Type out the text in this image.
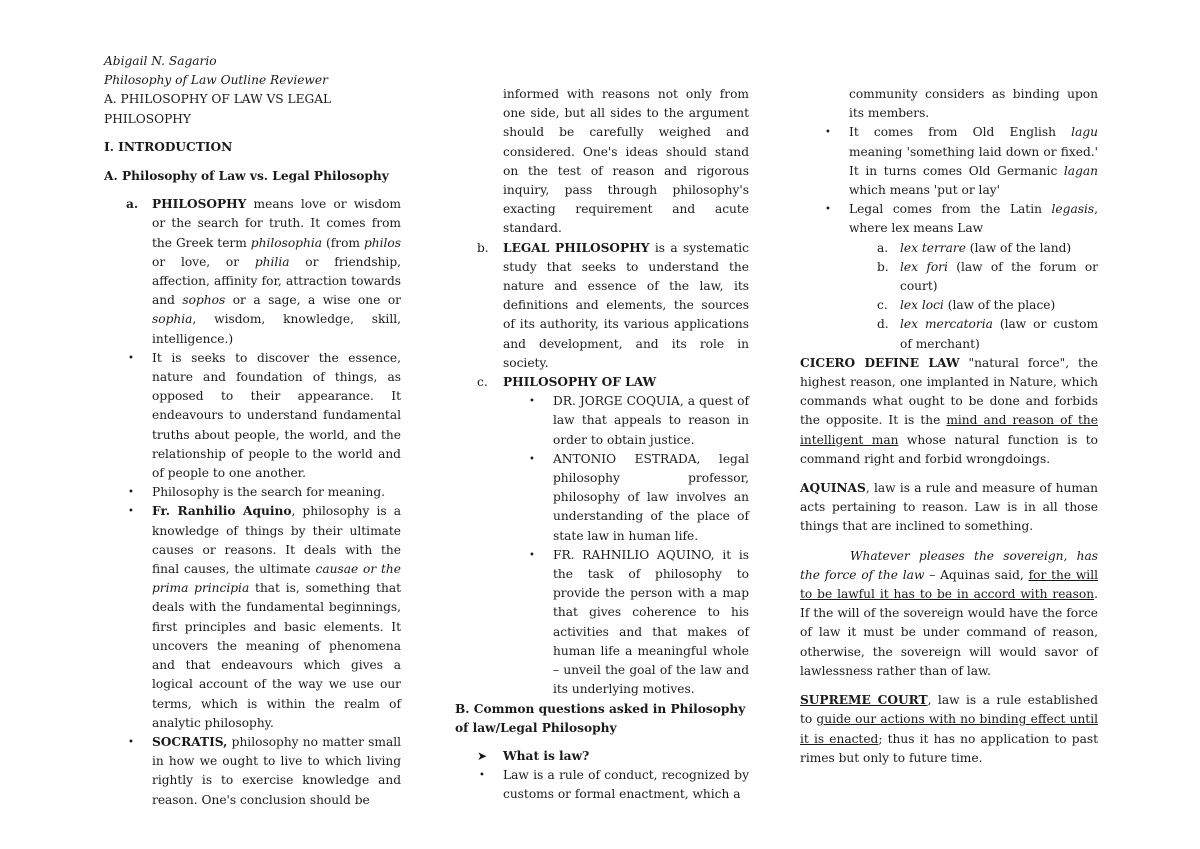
Abigail N. Sagario

Philosophy of Law Outline Reviewer

A. PHILOSOPHY OF LAW VS LEGAL PHILOSOPHY

I. INTRODUCTION

A. Philosophy of Law vs. Legal Philosophy

a. PHILOSOPHY means love or wisdom or the search for truth. It comes from the Greek term philosophia (from philos or love, or philia or friendship, affection, affinity for, attraction towards and sophos or a sage, a wise one or sophia, wisdom, knowledge, skill, intelligence.)
• It is seeks to discover the essence, nature and foundation of things, as opposed to their appearance. It endeavours to understand fundamental truths about people, the world, and the relationship of people to the world and of people to one another.
• Philosophy is the search for meaning.
• Fr. Ranhilio Aquino, philosophy is a knowledge of things by their ultimate causes or reasons. It deals with the final causes, the ultimate causae or the prima principia that is, something that deals with the fundamental beginnings, first principles and basic elements. It uncovers the meaning of phenomena and that endeavours which gives a logical account of the way we use our terms, which is within the realm of analytic philosophy.
• SOCRATIS, philosophy no matter small in how we ought to live to which living rightly is to exercise knowledge and reason. One's conclusion should be

informed with reasons not only from one side, but all sides to the argument should be carefully weighed and considered. One's ideas should stand on the test of reason and rigorous inquiry, pass through philosophy's exacting requirement and acute standard.

b. LEGAL PHILOSOPHY is a systematic study that seeks to understand the nature and essence of the law, its definitions and elements, the sources of its authority, its various applications and development, and its role in society.
c. PHILOSOPHY OF LAW
• DR. JORGE COQUIA, a quest of law that appeals to reason in order to obtain justice.
• ANTONIO ESTRADA, legal philosophy professor, philosophy of law involves an understanding of the place of state law in human life.
• FR. RAHNILIO AQUINO, it is the task of philosophy to provide the person with a map that gives coherence to his activities and that makes of human life a meaningful whole – unveil the goal of the law and its underlying motives.

B. Common questions asked in Philosophy of law/Legal Philosophy

➤ What is law?
• Law is a rule of conduct, recognized by customs or formal enactment, which a

community considers as binding upon its members.

• It comes from Old English lagu meaning 'something laid down or fixed.' It in turns comes Old Germanic lagan which means 'put or lay'
• Legal comes from the Latin legasis, where lex means Law
a. lex terrare (law of the land)
b. lex fori (law of the forum or court)
c.	lex loci (law of the place)
d. lex mercatoria (law or custom of merchant)

CICERO DEFINE LAW "natural force", the highest reason, one implanted in Nature, which commands what ought to be done and forbids the opposite. It is the mind and reason of the intelligent man whose natural function is to command right and forbid wrongdoings.

AQUINAS, law is a rule and measure of human acts pertaining to reason. Law is in all those things that are inclined to something.

Whatever pleases the sovereign, has the force of the law – Aquinas said, for the will to be lawful it has to be in accord with reason. If the will of the sovereign would have the force of law it must be under command of reason, otherwise, the sovereign will would savor of lawlessness rather than of law.

SUPREME COURT, law is a rule established to guide our actions with no binding effect until it is enacted; thus it has no application to past rimes but only to future time.
